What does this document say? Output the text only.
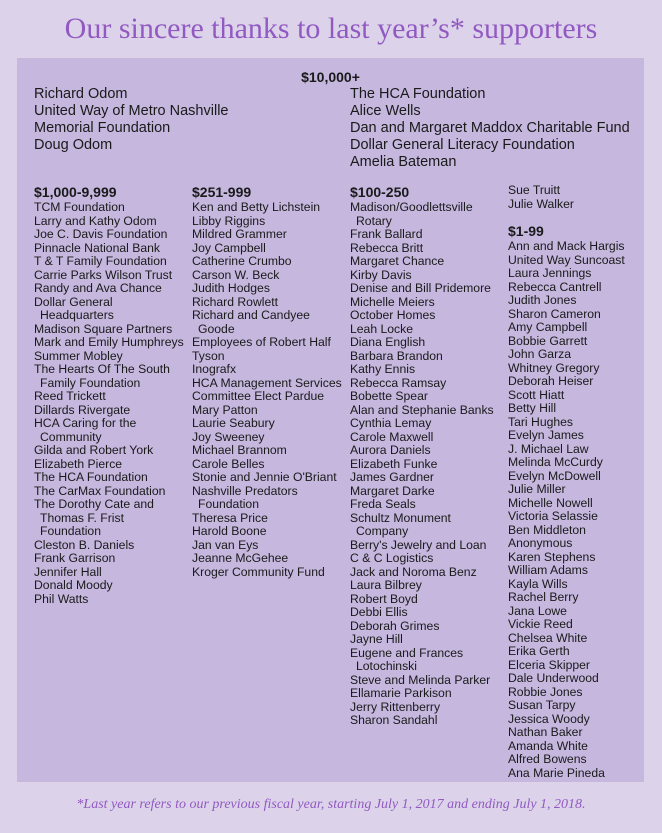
Our sincere thanks to last year’s* supporters

$10,000+

Richard Odom
United Way of Metro Nashville
Memorial Foundation
Doug Odom
The HCA Foundation
Alice Wells
Dan and Margaret Maddox Charitable Fund
Dollar General Literacy Foundation
Amelia Bateman

$1,000-9,999

TCM Foundation
Larry and Kathy Odom
Joe C. Davis Foundation
Pinnacle National Bank
T & T Family Foundation
Carrie Parks Wilson Trust
Randy and Ava Chance
Dollar General Headquarters
Madison Square Partners
Mark and Emily Humphreys
Summer Mobley
The Hearts Of The South Family Foundation
Reed Trickett
Dillards Rivergate
HCA Caring for the Community
Gilda and Robert York
Elizabeth Pierce
The HCA Foundation
The CarMax Foundation
The Dorothy Cate and Thomas F. Frist Foundation
Cleston B. Daniels
Frank Garrison
Jennifer Hall
Donald Moody
Phil Watts

$251-999

Ken and Betty Lichstein
Libby Riggins
Mildred Grammer
Joy Campbell
Catherine Crumbo
Carson W. Beck
Judith Hodges
Richard Rowlett
Richard and Candyee Goode
Employees of Robert Half
Tyson
Inografx
HCA Management Services
Committee Elect Pardue
Mary Patton
Laurie Seabury
Joy Sweeney
Michael Brannom
Carole Belles
Stonie and Jennie O'Briant
Nashville Predators Foundation
Theresa Price
Harold Boone
Jan van Eys
Jeanne McGehee
Kroger Community Fund

$100-250

Madison/Goodlettsville Rotary
Frank Ballard
Rebecca Britt
Margaret Chance
Kirby Davis
Denise and Bill Pridemore
Michelle Meiers
October Homes
Leah Locke
Diana English
Barbara Brandon
Kathy Ennis
Rebecca Ramsay
Bobette Spear
Alan and Stephanie Banks
Cynthia Lemay
Carole Maxwell
Aurora Daniels
Elizabeth Funke
James Gardner
Margaret Darke
Freda Seals
Schultz Monument Company
Berry's Jewelry and Loan
C & C Logistics
Jack and Noroma Benz
Laura Bilbrey
Robert Boyd
Debbi Ellis
Deborah Grimes
Jayne Hill
Eugene and Frances Lotochinski
Steve and Melinda Parker
Ellamarie Parkison
Jerry Rittenberry
Sharon Sandahl
Sue Truitt
Julie Walker

$1-99

Ann and Mack Hargis
United Way Suncoast
Laura Jennings
Rebecca Cantrell
Judith Jones
Sharon Cameron
Amy Campbell
Bobbie Garrett
John Garza
Whitney Gregory
Deborah Heiser
Scott Hiatt
Betty Hill
Tari Hughes
Evelyn James
J. Michael Law
Melinda McCurdy
Evelyn McDowell
Julie Miller
Michelle Nowell
Victoria Selassie
Ben Middleton
Anonymous
Karen Stephens
William Adams
Kayla Wills
Rachel Berry
Jana Lowe
Vickie Reed
Chelsea White
Erika Gerth
Elceria Skipper
Dale Underwood
Robbie Jones
Susan Tarpy
Jessica Woody
Nathan Baker
Amanda White
Alfred Bowens
Ana Marie Pineda

*Last year refers to our previous fiscal year, starting July 1, 2017 and ending July 1, 2018.
